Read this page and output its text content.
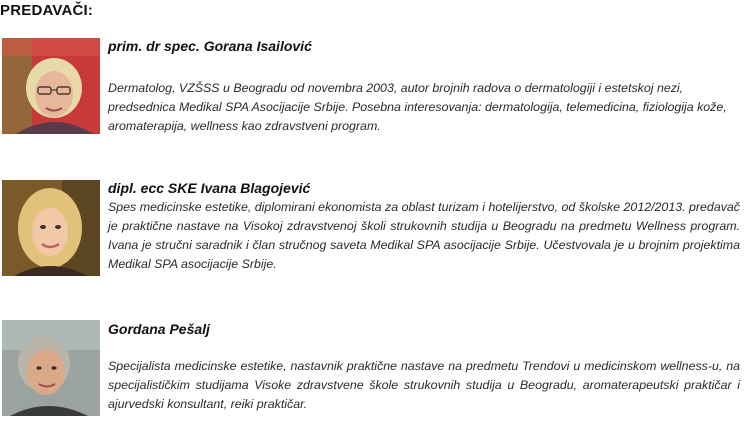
PREDAVAČI:
prim. dr spec. Gorana Isailović
Dermatolog, VZŠSS u Beogradu od novembra 2003, autor brojnih radova o dermatologiji i estetskoj nezi, predsednica Medikal SPA Asocijacije Srbije. Posebna interesovanja: dermatologija, telemedicina, fiziologija kože, aromaterapija, wellness kao zdravstveni program.
dipl. ecc SKE Ivana Blagojević
Spes medicinske estetike, diplomirani ekonomista za oblast turizam i hotelijerstvo, od školske 2012/2013. predavač je praktične nastave na Visokoj zdravstvenoj školi strukovnih studija u Beogradu na predmetu Wellness program. Ivana je stručni saradnik i član stručnog saveta Medikal SPA asocijacije Srbije. Učestvovala je u brojnim projektima Medikal SPA asocijacije Srbije.
Gordana Pešalj
Specijalista medicinske estetike, nastavnik praktične nastave na predmetu Trendovi u medicinskom wellness-u, na specijalističkim studijama Visoke zdravstvene škole strukovnih studija u Beogradu, aromaterapeutski praktičar i ajurvedski konsultant, reiki praktičar.
